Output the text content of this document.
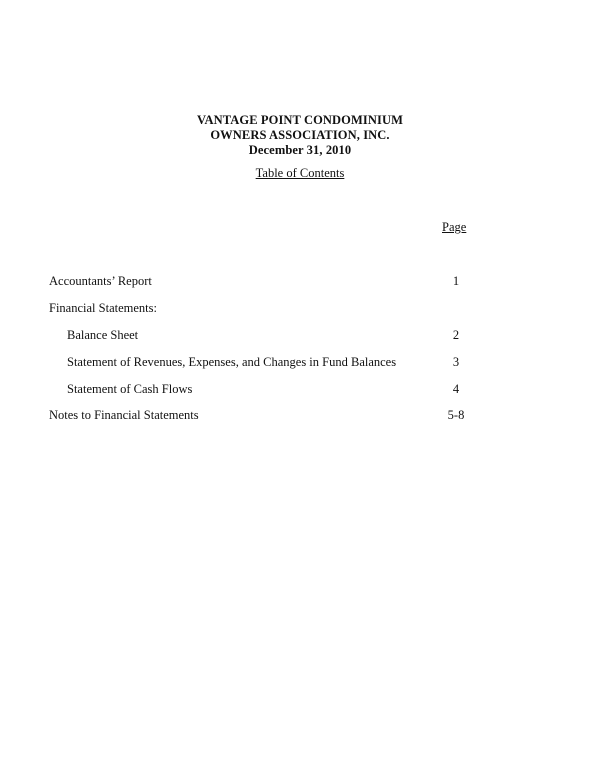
VANTAGE POINT CONDOMINIUM
OWNERS ASSOCIATION, INC.
December 31, 2010
Table of Contents
Page
Accountants’ Report	1
Financial Statements:
Balance Sheet	2
Statement of Revenues, Expenses, and Changes in Fund Balances	3
Statement of Cash Flows	4
Notes to Financial Statements	5-8
